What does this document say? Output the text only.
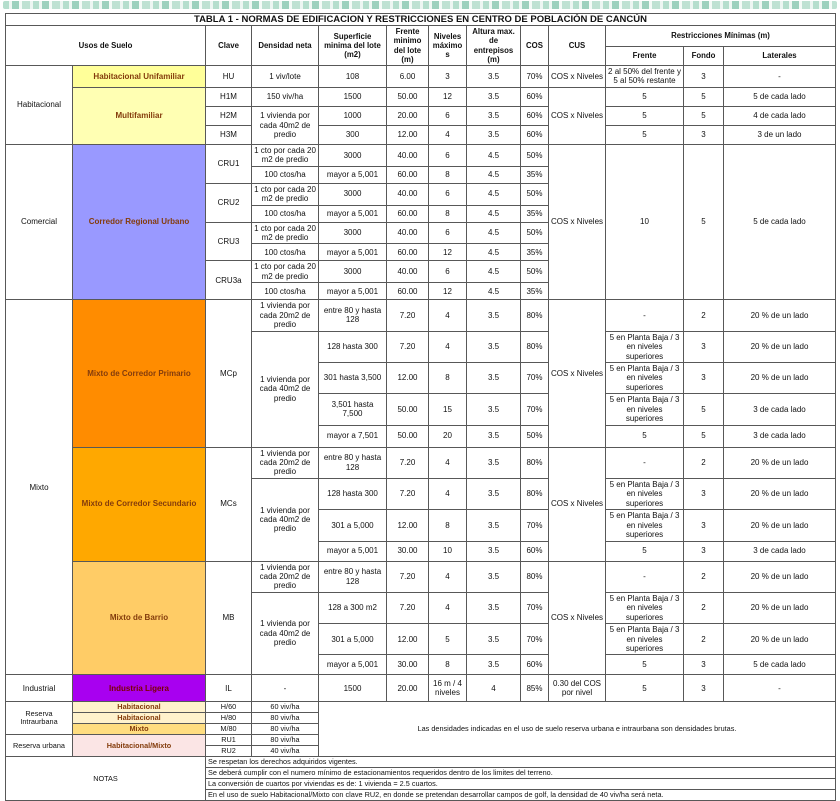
TABLA 1 - NORMAS DE EDIFICACION Y RESTRICCIONES EN CENTRO DE POBLACIÓN DE CANCÚN												
Usos de Suelo		Clave	Densidad neta	Superficie minima del lote (m2)	Frente minimo del lote (m)	Niveles máximos	Altura max. de entrepisos (m)	COS	CUS	Restricciones Mínimas (m)		
										Frente	Fondo	Laterales
Habitacional	Habitacional Unifamiliar	HU	1 viv/lote	108	6.00	3	3.5	70%	COS x Niveles	2 al 50% del frente y 5 al 50% restante	3	-
	Multifamiliar	H1M	150 viv/ha	1500	50.00	12	3.5	60%	COS x Niveles	5	5	5 de cada lado
		H2M	1 vivienda por cada 40m2 de predio	1000	20.00	6	3.5	60%		5	5	4 de cada lado
		H3M		300	12.00	4	3.5	60%		5	3	3 de un lado
Comercial	Corredor Regional Urbano	CRU1	1 cto por cada 20 m2 de predio	3000	40.00	6	4.5	50%	COS x Niveles	10	5	5 de cada lado
			100 ctos/ha	mayor a 5,001	60.00	8	4.5	35%				
		CRU2	1 cto por cada 20 m2 de predio	3000	40.00	6	4.5	50%				
			100 ctos/ha	mayor a 5,001	60.00	8	4.5	35%				
		CRU3	1 cto por cada 20 m2 de predio	3000	40.00	6	4.5	50%				
			100 ctos/ha	mayor a 5,001	60.00	12	4.5	35%				
		CRU3a	1 cto por cada 20 m2 de predio	3000	40.00	6	4.5	50%				
			100 ctos/ha	mayor a 5,001	60.00	12	4.5	35%				
Mixto	Mixto de Corredor Primario	MCp	1 vivienda por cada 20m2 de predio	entre 80 y hasta 128	7.20	4	3.5	80%	COS x Niveles	-	2	20 % de un lado
			1 vivienda por cada 40m2 de predio	128 hasta 300	7.20	4	3.5	80%		5 en Planta Baja / 3 en niveles superiores	3	20 % de un lado
				301 hasta 3,500	12.00	8	3.5	70%		5 en Planta Baja / 3 en niveles superiores	3	20 % de un lado
				3,501 hasta 7,500	50.00	15	3.5	70%		5 en Planta Baja / 3 en niveles superiores	5	3 de cada lado
				mayor a 7,501	50.00	20	3.5	50%		5	5	3 de cada lado
	Mixto de Corredor Secundario	MCs	1 vivienda por cada 20m2 de predio	entre 80 y hasta 128	7.20	4	3.5	80%	COS x Niveles	-	2	20 % de un lado
			1 vivienda por cada 40m2 de predio	128 hasta 300	7.20	4	3.5	80%		5 en Planta Baja / 3 en niveles superiores	3	20 % de un lado
				301 a 5,000	12.00	8	3.5	70%		5 en Planta Baja / 3 en niveles superiores	3	20 % de un lado
				mayor a 5,001	30.00	10	3.5	60%		5	3	3 de cada lado
	Mixto de Barrio	MB	1 vivienda por cada 20m2 de predio	entre 80 y hasta 128	7.20	4	3.5	80%	COS x Niveles	-	2	20 % de un lado
			1 vivienda por cada 40m2 de predio	128 a 300 m2	7.20	4	3.5	70%		5 en Planta Baja / 3 en niveles superiores	2	20 % de un lado
				301 a 5,000	12.00	5	3.5	70%		5 en Planta Baja / 3 en niveles superiores	2	20 % de un lado
				mayor a 5,001	30.00	8	3.5	60%		5	3	5 de cada lado
Industrial	Industria Ligera	IL	-	1500	20.00	16 m / 4 niveles	4	85%	0.30 del COS por nivel	5	3	-
Reserva Intraurbana	Habitacional	H/60	60 viv/ha	Las densidades indicadas en el uso de suelo reserva urbana e intraurbana son densidades brutas.								
	Habitacional	H/80	80 viv/ha									
	Mixto	M/80	80 viv/ha									
Reserva urbana	Habitacional/Mixto	RU1	80 viv/ha									
		RU2	40 viv/ha									
NOTAS		Se respetan los derechos adquiridos vigentes.										
		Se deberá cumplir con el numero mínimo de estacionamientos requeridos dentro de los limites del terreno.										
		La conversión de cuartos por viviendas es de: 1 vivienda = 2.5 cuartos.										
		En el uso de suelo Habitacional/Mixto con clave RU2, en donde se pretendan desarrollar campos de golf, la densidad de 40 viv/ha será neta.										
